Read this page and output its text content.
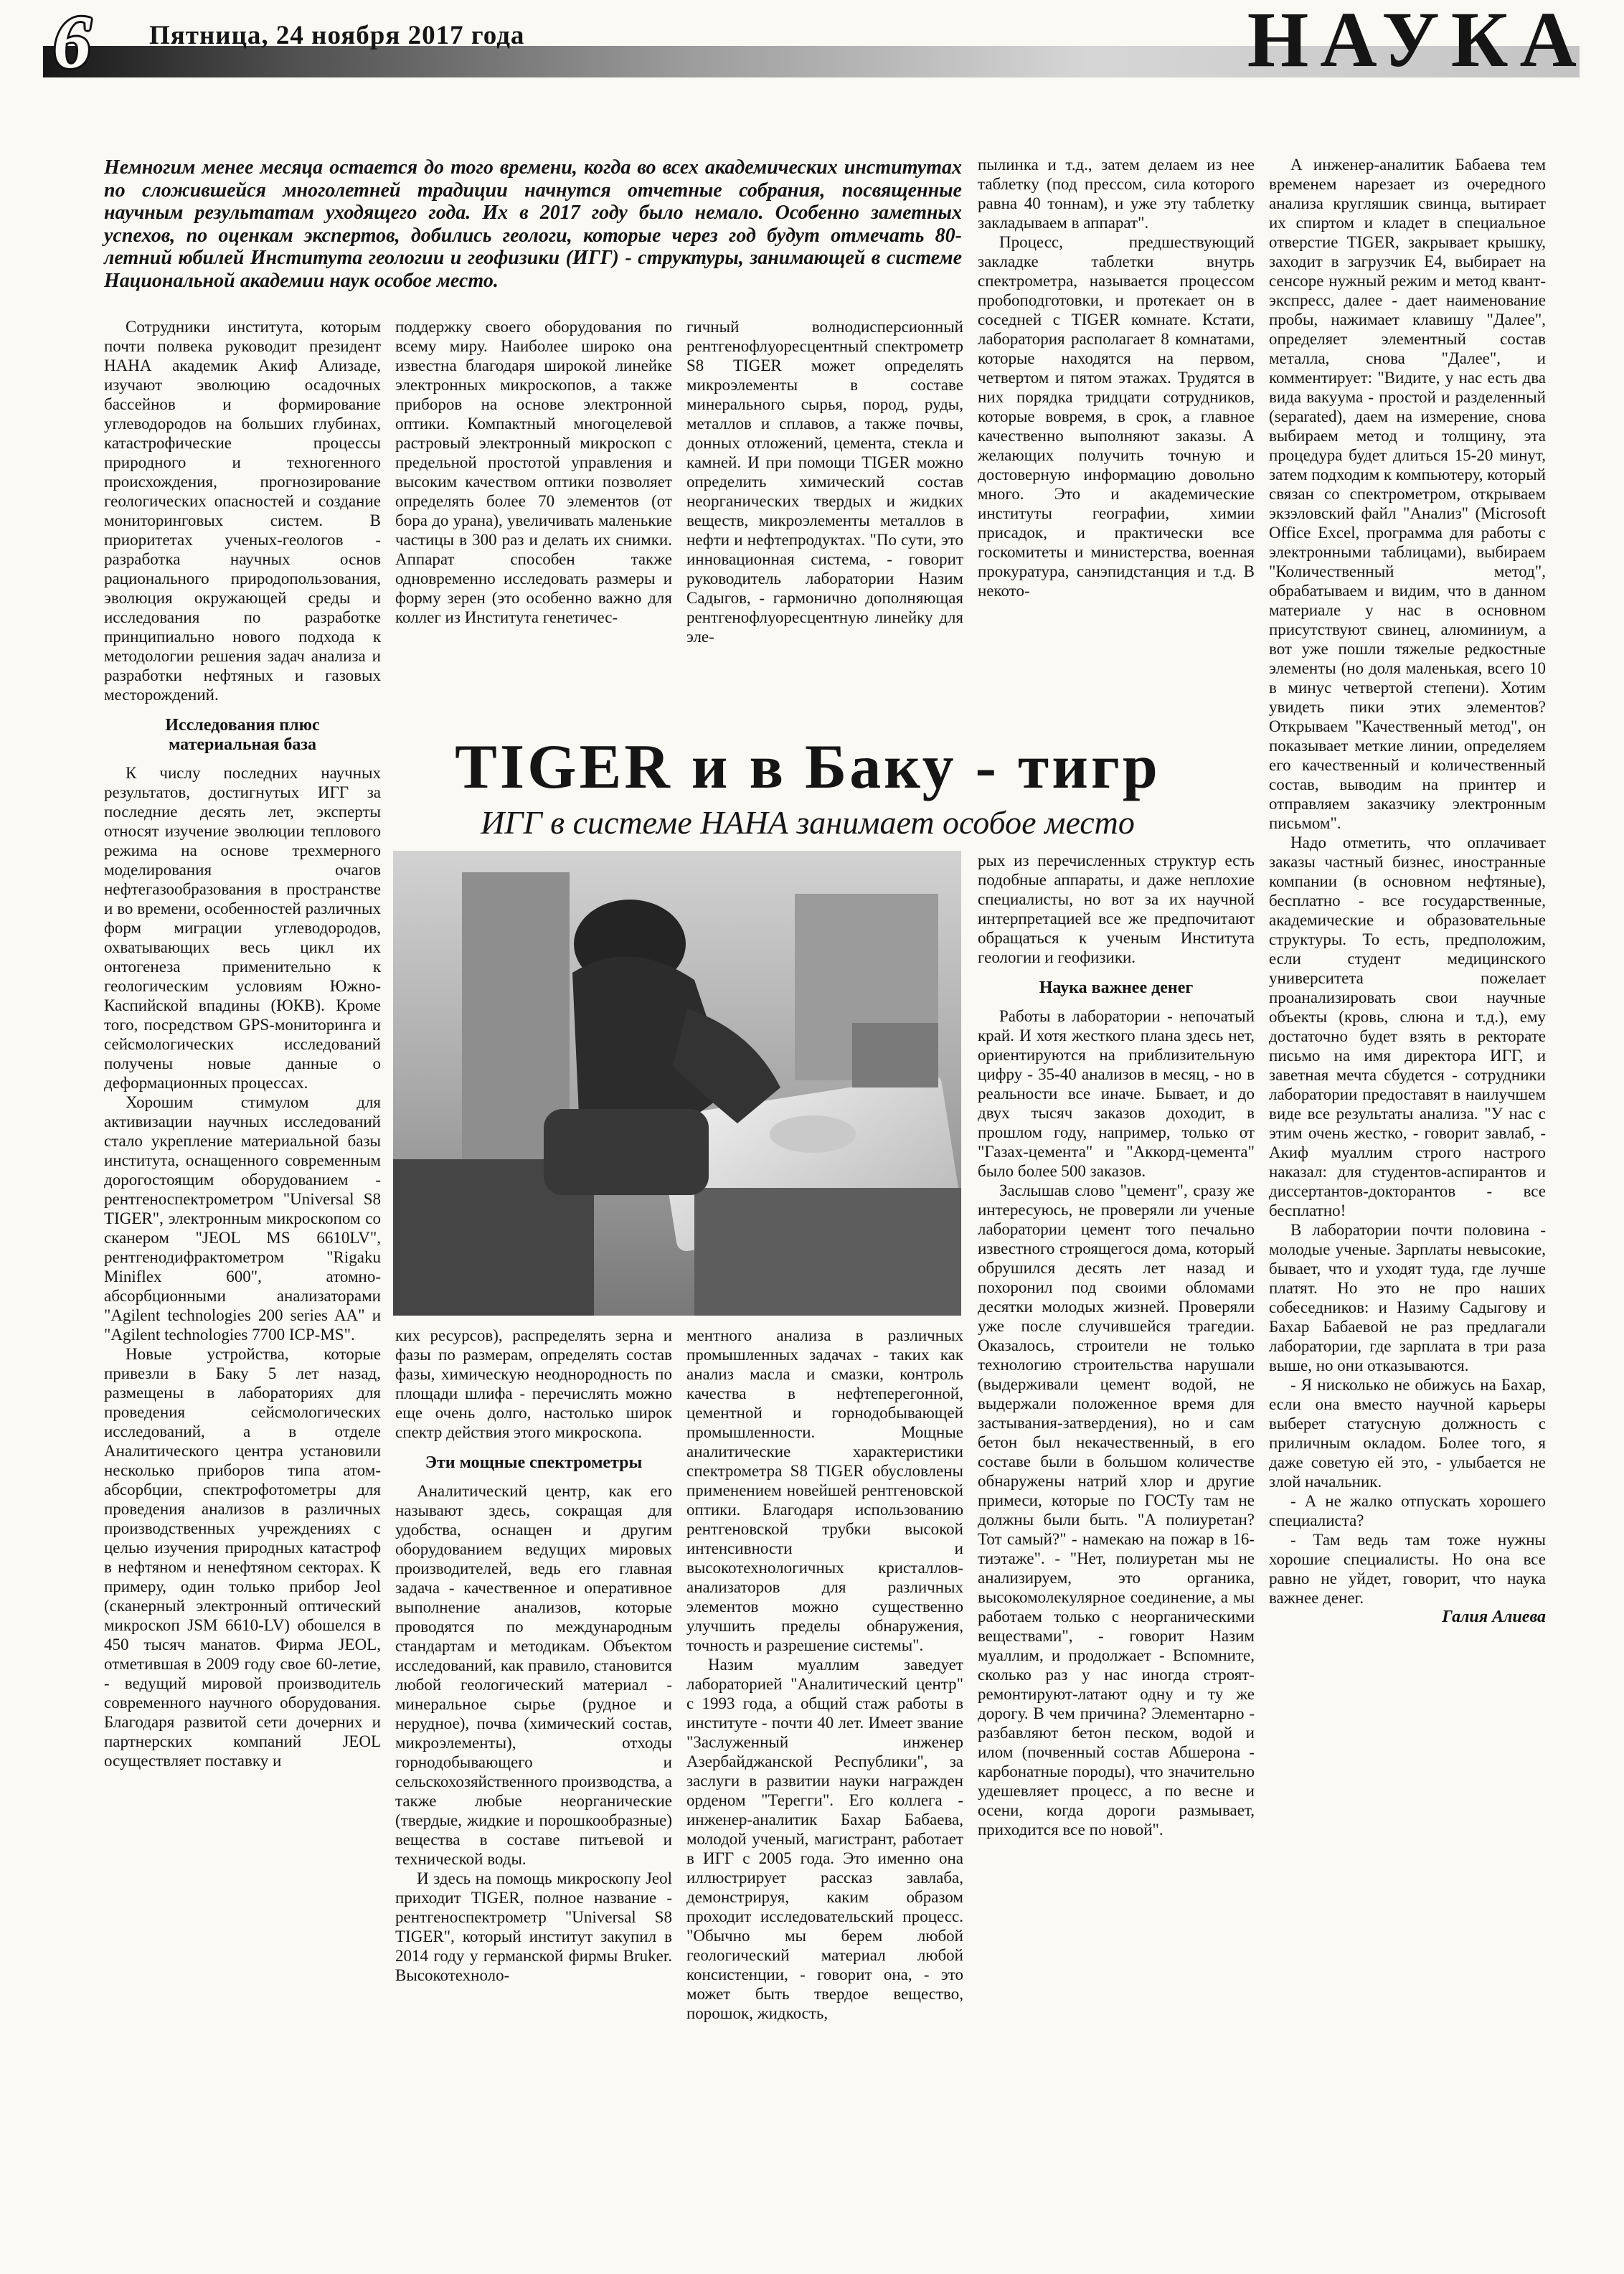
6 Пятница, 24 ноября 2017 года	НАУКА
Немногим менее месяца остается до того времени, когда во всех академических институтах по сложившейся многолетней традиции начнутся отчетные собрания, посвященные научным результатам уходящего года. Их в 2017 году было немало. Особенно заметных успехов, по оценкам экспертов, добились геологи, которые через год будут отмечать 80-летний юбилей Института геологии и геофизики (ИГГ) - структуры, занимающей в системе Национальной академии наук особое место.
TIGER и в Баку - тигр
ИГГ в системе НАНА занимает особое место

Сотрудники института, которым почти полвека руководит президент НАНА академик Акиф Ализаде, изучают эволюцию осадочных бассейнов и формирование углеводородов на больших глубинах, катастрофические процессы природного и техногенного происхождения, прогнозирование геологических опасностей и создание мониторинговых систем. В приоритетах ученых-геологов - разработка научных основ рационального природопользования, эволюция окружающей среды и исследования по разработке принципиально нового подхода к методологии решения задач анализа и разработки нефтяных и газовых месторождений.

Исследования плюс материальная база

К числу последних научных результатов, достигнутых ИГГ за последние десять лет, эксперты относят изучение эволюции теплового режима на основе трехмерного моделирования очагов нефтегазообразования в пространстве и во времени, особенностей различных форм миграции углеводородов, охватывающих весь цикл их онтогенеза применительно к геологическим условиям Южно-Каспийской впадины (ЮКВ). Кроме того, посредством GPS-мониторинга и сейсмологических исследований получены новые данные о деформационных процессах.

Хорошим стимулом для активизации научных исследований стало укрепление материальной базы института, оснащенного современным дорогостоящим оборудованием - рентгеноспектрометром "Universal S8 TIGER", электронным микроскопом со сканером "JEOL MS 6610LV", рентгенодифрактометром "Rigaku Miniflex 600", атомно-абсорбционными анализаторами "Agilent technologies 200 series AA" и "Agilent technologies 7700 ICP-MS".

Новые устройства, которые привезли в Баку 5 лет назад, размещены в лабораториях для проведения сейсмологических исследований, а в отделе Аналитического центра установили несколько приборов типа атом-абсорбции, спектрофотометры для проведения анализов в различных производственных учреждениях с целью изучения природных катастроф в нефтяном и ненефтяном секторах. К примеру, один только прибор Jeol (сканерный электронный оптический микроскоп JSM 6610-LV) обошелся в 450 тысяч манатов. Фирма JEOL, отметившая в 2009 году свое 60-летие, - ведущий мировой производитель современного научного оборудования. Благодаря развитой сети дочерних и партнерских компаний JEOL осуществляет поставку и

поддержку своего оборудования по всему миру. Наиболее широко она известна благодаря широкой линейке электронных микроскопов, а также приборов на основе электронной оптики. Компактный многоцелевой растровый электронный микроскоп с предельной простотой управления и высоким качеством оптики позволяет определять более 70 элементов (от бора до урана), увеличивать маленькие частицы в 300 раз и делать их снимки. Аппарат способен также одновременно исследовать размеры и форму зерен (это особенно важно для коллег из Института генетичес-

гичный волнодисперсионный рентгенофлуоресцентный спектрометр S8 TIGER может определять микроэлементы в составе минерального сырья, пород, руды, металлов и сплавов, а также почвы, донных отложений, цемента, стекла и камней. И при помощи TIGER можно определить химический состав неорганических твердых и жидких веществ, микроэлементы металлов в нефти и нефтепродуктах. "По сути, это инновационная система, - говорит руководитель лаборатории Назим Садыгов, - гармонично дополняющая рентгенофлуоресцентную линейку для эле-

пылинка и т.д., затем делаем из нее таблетку (под прессом, сила которого равна 40 тоннам), и уже эту таблетку закладываем в аппарат".

Процесс, предшествующий закладке таблетки внутрь спектрометра, называется процессом пробоподготовки, и протекает он в соседней с TIGER комнате. Кстати, лаборатория располагает 8 комнатами, которые находятся на первом, четвертом и пятом этажах. Трудятся в них порядка тридцати сотрудников, которые вовремя, в срок, а главное качественно выполняют заказы. А желающих получить точную и достоверную информацию довольно много. Это и академические институты географии, химии присадок, и практически все госкомитеты и министерства, военная прокуратура, санэпидстанция и т.д. В некото-

ких ресурсов), распределять зерна и фазы по размерам, определять состав фазы, химическую неоднородность по площади шлифа - перечислять можно еще очень долго, настолько широк спектр действия этого микроскопа.

Эти мощные спектрометры

Аналитический центр, как его называют здесь, сокращая для удобства, оснащен и другим оборудованием ведущих мировых производителей, ведь его главная задача - качественное и оперативное выполнение анализов, которые проводятся по международным стандартам и методикам. Объектом исследований, как правило, становится любой геологический материал - минеральное сырье (рудное и нерудное), почва (химический состав, микроэлементы), отходы горнодобывающего и сельскохозяйственного производства, а также любые неорганические (твердые, жидкие и порошкообразные) вещества в составе питьевой и технической воды.

И здесь на помощь микроскопу Jeol приходит TIGER, полное название - рентгеноспектрометр "Universal S8 TIGER", который институт закупил в 2014 году у германской фирмы Bruker. Высокотехноло-

ментного анализа в различных промышленных задачах - таких как анализ масла и смазки, контроль качества в нефтеперегонной, цементной и горнодобывающей промышленности. Мощные аналитические характеристики спектрометра S8 TIGER обусловлены применением новейшей рентгеновской оптики. Благодаря использованию рентгеновской трубки высокой интенсивности и высокотехнологичных кристаллов-анализаторов для различных элементов можно существенно улучшить пределы обнаружения, точность и разрешение системы".

Назим муаллим заведует лабораторией "Аналитический центр" с 1993 года, а общий стаж работы в институте - почти 40 лет. Имеет звание "Заслуженный инженер Азербайджанской Республики", за заслуги в развитии науки награжден орденом "Терегги". Его коллега - инженер-аналитик Бахар Бабаева, молодой ученый, магистрант, работает в ИГГ с 2005 года. Это именно она иллюстрирует рассказ завлаба, демонстрируя, каким образом проходит исследовательский процесс. "Обычно мы берем любой геологический материал любой консистенции, - говорит она, - это может быть твердое вещество, порошок, жидкость,

рых из перечисленных структур есть подобные аппараты, и даже неплохие специалисты, но вот за их научной интерпретацией все же предпочитают обращаться к ученым Института геологии и геофизики.

Наука важнее денег

Работы в лаборатории - непочатый край. И хотя жесткого плана здесь нет, ориентируются на приблизительную цифру - 35-40 анализов в месяц, - но в реальности все иначе. Бывает, и до двух тысяч заказов доходит, в прошлом году, например, только от "Газах-цемента" и "Аккорд-цемента" было более 500 заказов.

Заслышав слово "цемент", сразу же интересуюсь, не проверяли ли ученые лаборатории цемент того печально известного строящегося дома, который обрушился десять лет назад и похоронил под своими обломами десятки молодых жизней. Проверяли уже после случившейся трагедии. Оказалось, строители не только технологию строительства нарушали (выдерживали цемент водой, не выдержали положенное время для застывания-затвердения), но и сам бетон был некачественный, в его составе были в большом количестве обнаружены натрий хлор и другие примеси, которые по ГОСТу там не должны были быть. "А полиуретан? Тот самый?" - намекаю на пожар в 16-тиэтаже". - "Нет, полиуретан мы не анализируем, это органика, высокомолекулярное соединение, а мы работаем только с неорганическими веществами", - говорит Назим муаллим, и продолжает - Вспомните, сколько раз у нас иногда строят-ремонтируют-латают одну и ту же дорогу. В чем причина? Элементарно - разбавляют бетон песком, водой и илом (почвенный состав Абшерона - карбонатные породы), что значительно удешевляет процесс, а по весне и осени, когда дороги размывает, приходится все по новой".

А инженер-аналитик Бабаева тем временем нарезает из очередного анализа кругляшик свинца, вытирает их спиртом и кладет в специальное отверстие TIGER, закрывает крышку, заходит в загрузчик Е4, выбирает на сенсоре нужный режим и метод квант-экспресс, далее - дает наименование пробы, нажимает клавишу "Далее", определяет элементный состав металла, снова "Далее", и комментирует: "Видите, у нас есть два вида вакуума - простой и разделенный (separated), даем на измерение, снова выбираем метод и толщину, эта процедура будет длиться 15-20 минут, затем подходим к компьютеру, который связан со спектрометром, открываем экзэловский файл "Анализ" (Microsoft Office Excel, программа для работы с электронными таблицами), выбираем "Количественный метод", обрабатываем и видим, что в данном материале у нас в основном присутствуют свинец, алюминиум, а вот уже пошли тяжелые редкостные элементы (но доля маленькая, всего 10 в минус четвертой степени). Хотим увидеть пики этих элементов? Открываем "Качественный метод", он показывает меткие линии, определяем его качественный и количественный состав, выводим на принтер и отправляем заказчику электронным письмом".

Надо отметить, что оплачивает заказы частный бизнес, иностранные компании (в основном нефтяные), бесплатно - все государственные, академические и образовательные структуры. То есть, предположим, если студент медицинского университета пожелает проанализировать свои научные объекты (кровь, слюна и т.д.), ему достаточно будет взять в ректорате письмо на имя директора ИГГ, и заветная мечта сбудется - сотрудники лаборатории предоставят в наилучшем виде все результаты анализа. "У нас с этим очень жестко, - говорит завлаб, - Акиф муаллим строго настрого наказал: для студентов-аспирантов и диссертантов-докторантов - все бесплатно!

В лаборатории почти половина - молодые ученые. Зарплаты невысокие, бывает, что и уходят туда, где лучше платят. Но это не про наших собеседников: и Назиму Садыгову и Бахар Бабаевой не раз предлагали лаборатории, где зарплата в три раза выше, но они отказываются.

- Я нисколько не обижусь на Бахар, если она вместо научной карьеры выберет статусную должность с приличным окладом. Более того, я даже советую ей это, - улыбается не злой начальник.

- А не жалко отпускать хорошего специалиста?

- Там ведь там тоже нужны хорошие специалисты. Но она все равно не уйдет, говорит, что наука важнее денег.

Галия Алиева
